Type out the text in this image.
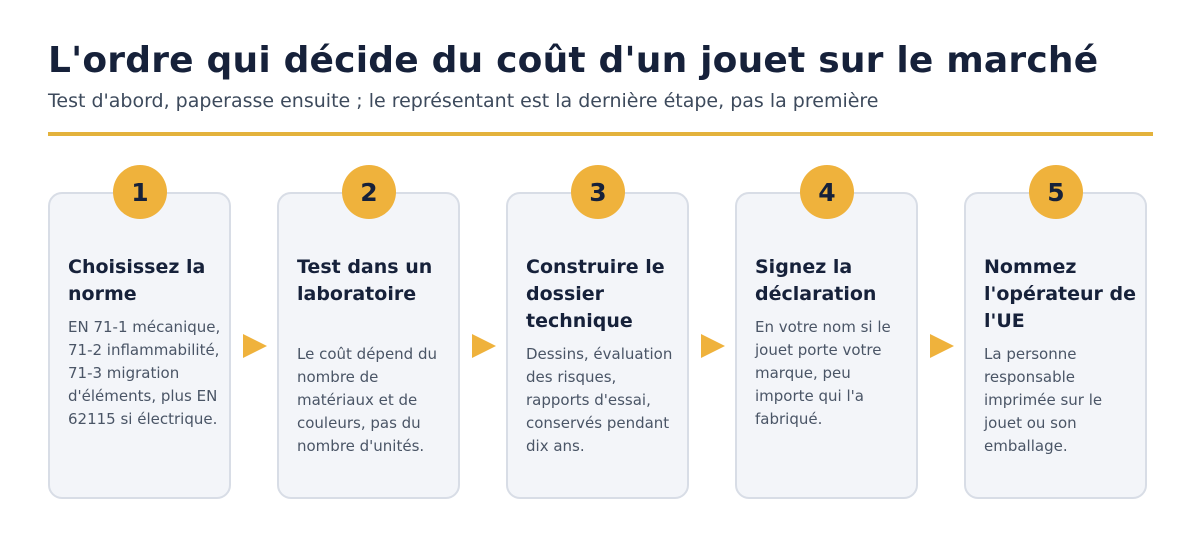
L'ordre qui décide du coût d'un jouet sur le marché
Test d'abord, paperasse ensuite ; le représentant est la dernière étape, pas la première
Choisissez la norme
EN 71-1 mécanique, 71-2 inflammabilité, 71-3 migration d'éléments, plus EN 62115 si électrique.
1
Test dans un laboratoire
Le coût dépend du nombre de matériaux et de couleurs, pas du nombre d'unités.
2
Construire le dossier technique
Dessins, évaluation des risques, rapports d'essai, conservés pendant dix ans.
3
Signez la déclaration
En votre nom si le jouet porte votre marque, peu importe qui l'a fabriqué.
4
Nommez l'opérateur de l'UE
La personne responsable imprimée sur le jouet ou son emballage.
5
